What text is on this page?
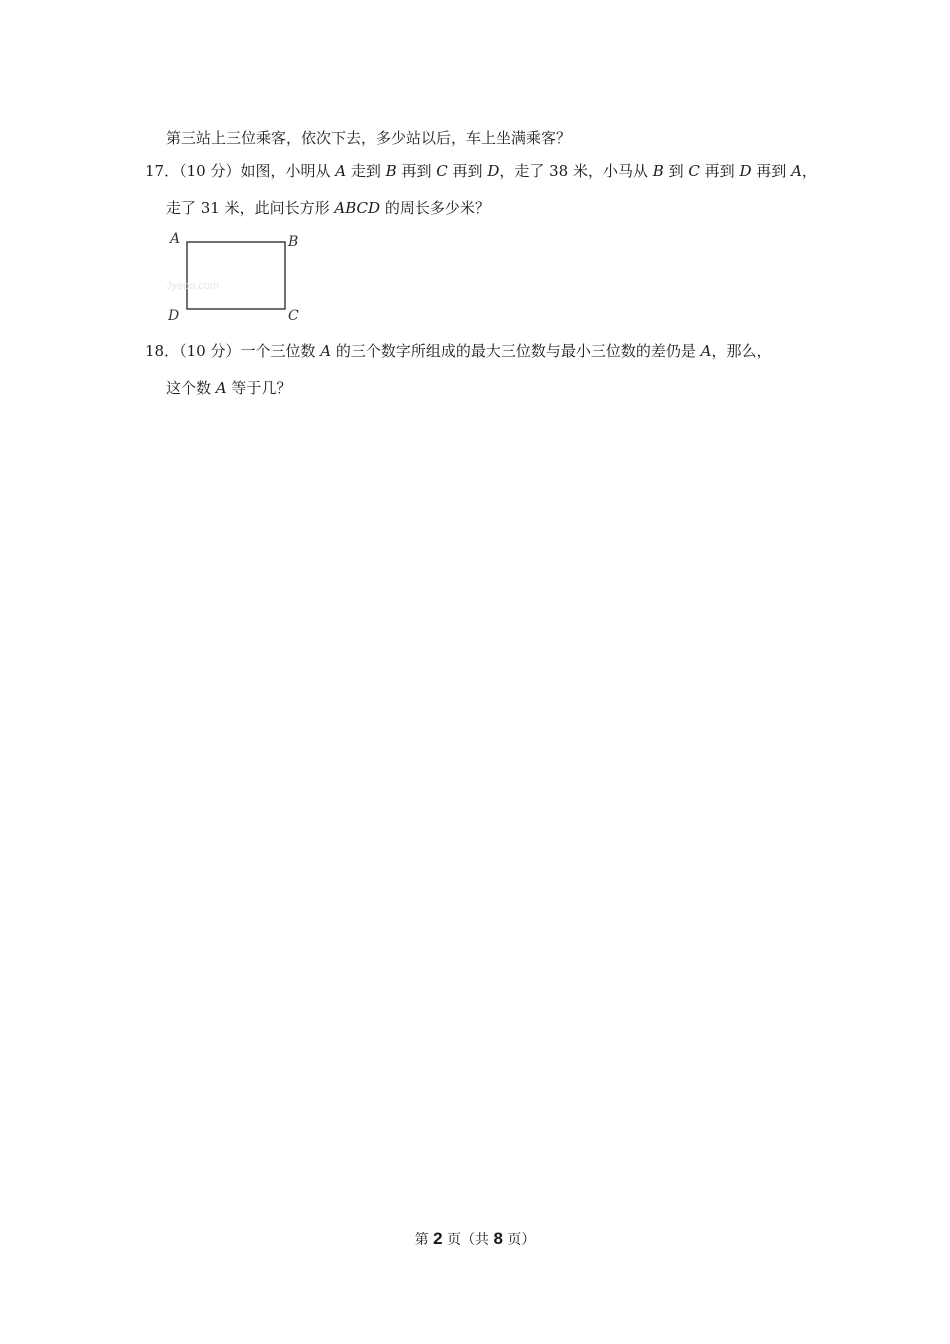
第三站上三位乘客，依次下去，多少站以后，车上坐满乘客？
17．（10 分）如图，小明从 A 走到 B 再到 C 再到 D，走了 38 米，小马从 B 到 C 再到 D 再到 A，
走了 31 米，此问长方形 ABCD 的周长多少米？
Jyeoo.com
A	B
C
D
18．（10 分）一个三位数 A 的三个数字所组成的最大三位数与最小三位数的差仍是 A，那么，
这个数 A 等于几？
第 2 页（共 8 页）
